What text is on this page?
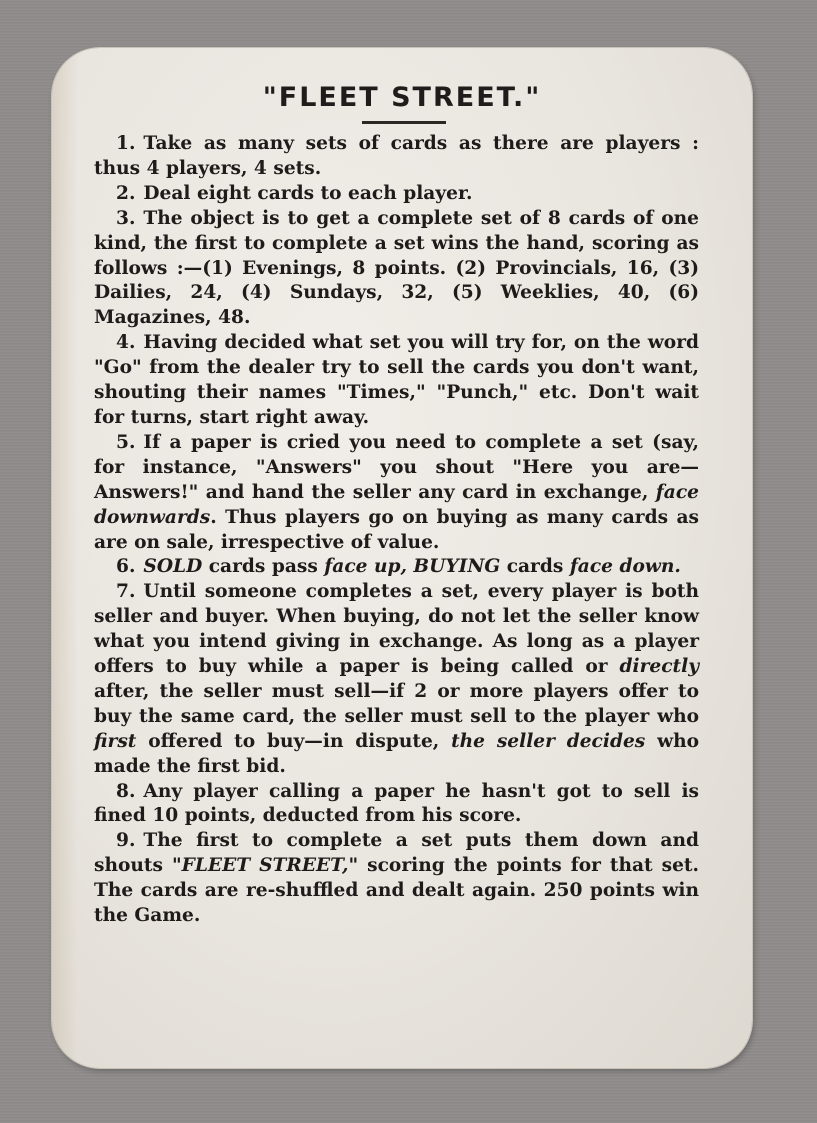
"FLEET STREET."

1. Take as many sets of cards as there are players : thus 4 players, 4 sets.

2. Deal eight cards to each player.

3. The object is to get a complete set of 8 cards of one kind, the first to complete a set wins the hand, scoring as follows :—(1) Evenings, 8 points. (2) Provincials, 16, (3) Dailies, 24, (4) Sundays, 32, (5) Weeklies, 40, (6) Magazines, 48.

4. Having decided what set you will try for, on the word "Go" from the dealer try to sell the cards you don't want, shouting their names "Times," "Punch," etc. Don't wait for turns, start right away.

5. If a paper is cried you need to complete a set (say, for instance, "Answers" you shout "Here you are—Answers!" and hand the seller any card in exchange, face downwards. Thus players go on buying as many cards as are on sale, irrespective of value.

6. SOLD cards pass face up, BUYING cards face down.

7. Until someone completes a set, every player is both seller and buyer. When buying, do not let the seller know what you intend giving in exchange. As long as a player offers to buy while a paper is being called or directly after, the seller must sell—if 2 or more players offer to buy the same card, the seller must sell to the player who first offered to buy—in dispute, the seller decides who made the first bid.

8. Any player calling a paper he hasn't got to sell is fined 10 points, deducted from his score.

9. The first to complete a set puts them down and shouts "FLEET STREET," scoring the points for that set. The cards are re-shuffled and dealt again. 250 points win the Game.
